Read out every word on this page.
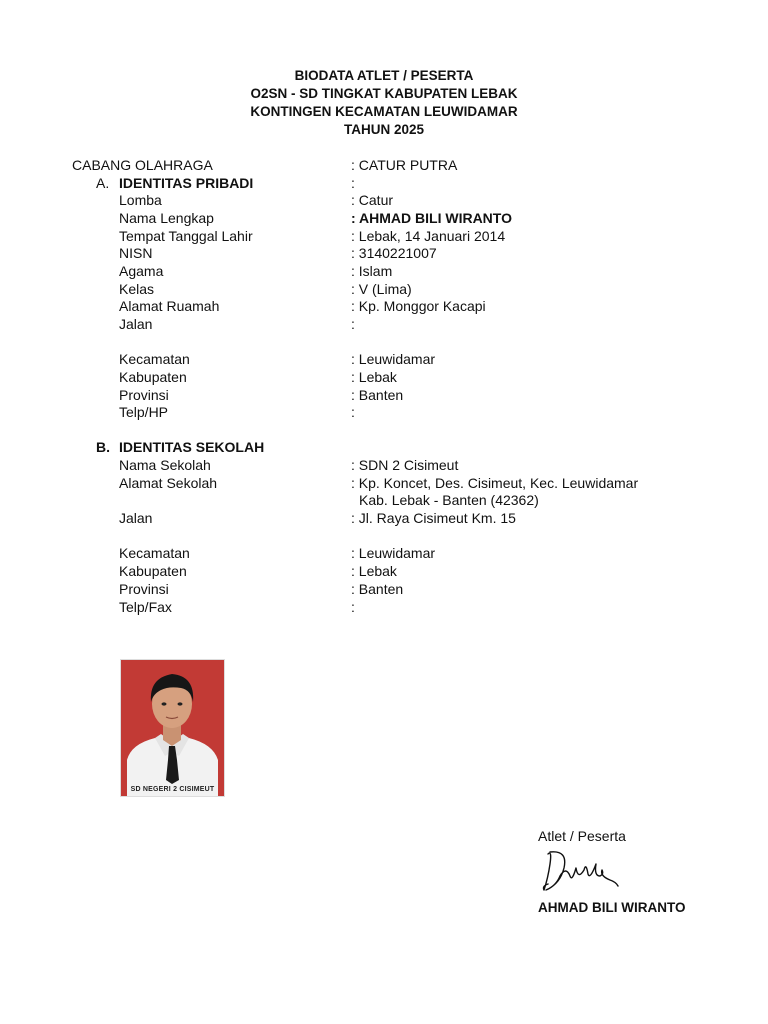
BIODATA ATLET / PESERTA
O2SN - SD TINGKAT KABUPATEN LEBAK
KONTINGEN KECAMATAN LEUWIDAMAR
TAHUN 2025
CABANG OLAHRAGA	: CATUR PUTRA
A. IDENTITAS PRIBADI	:
Lomba	: Catur
Nama Lengkap	: AHMAD BILI WIRANTO
Tempat Tanggal Lahir	: Lebak, 14 Januari 2014
NISN	: 3140221007
Agama	: Islam
Kelas	: V (Lima)
Alamat Ruamah	: Kp. Monggor Kacapi
Jalan	:
Kecamatan	: Leuwidamar
Kabupaten	: Lebak
Provinsi	: Banten
Telp/HP	:
B. IDENTITAS SEKOLAH
Nama Sekolah	: SDN 2 Cisimeut
Alamat Sekolah	: Kp. Koncet, Des. Cisimeut, Kec. Leuwidamar
Kab. Lebak - Banten (42362)
Jalan	: Jl. Raya Cisimeut Km. 15
Kecamatan	: Leuwidamar
Kabupaten	: Lebak
Provinsi	: Banten
Telp/Fax	:
SD NEGERI 2 CISIMEUT
Atlet / Peserta
AHMAD BILI WIRANTO
